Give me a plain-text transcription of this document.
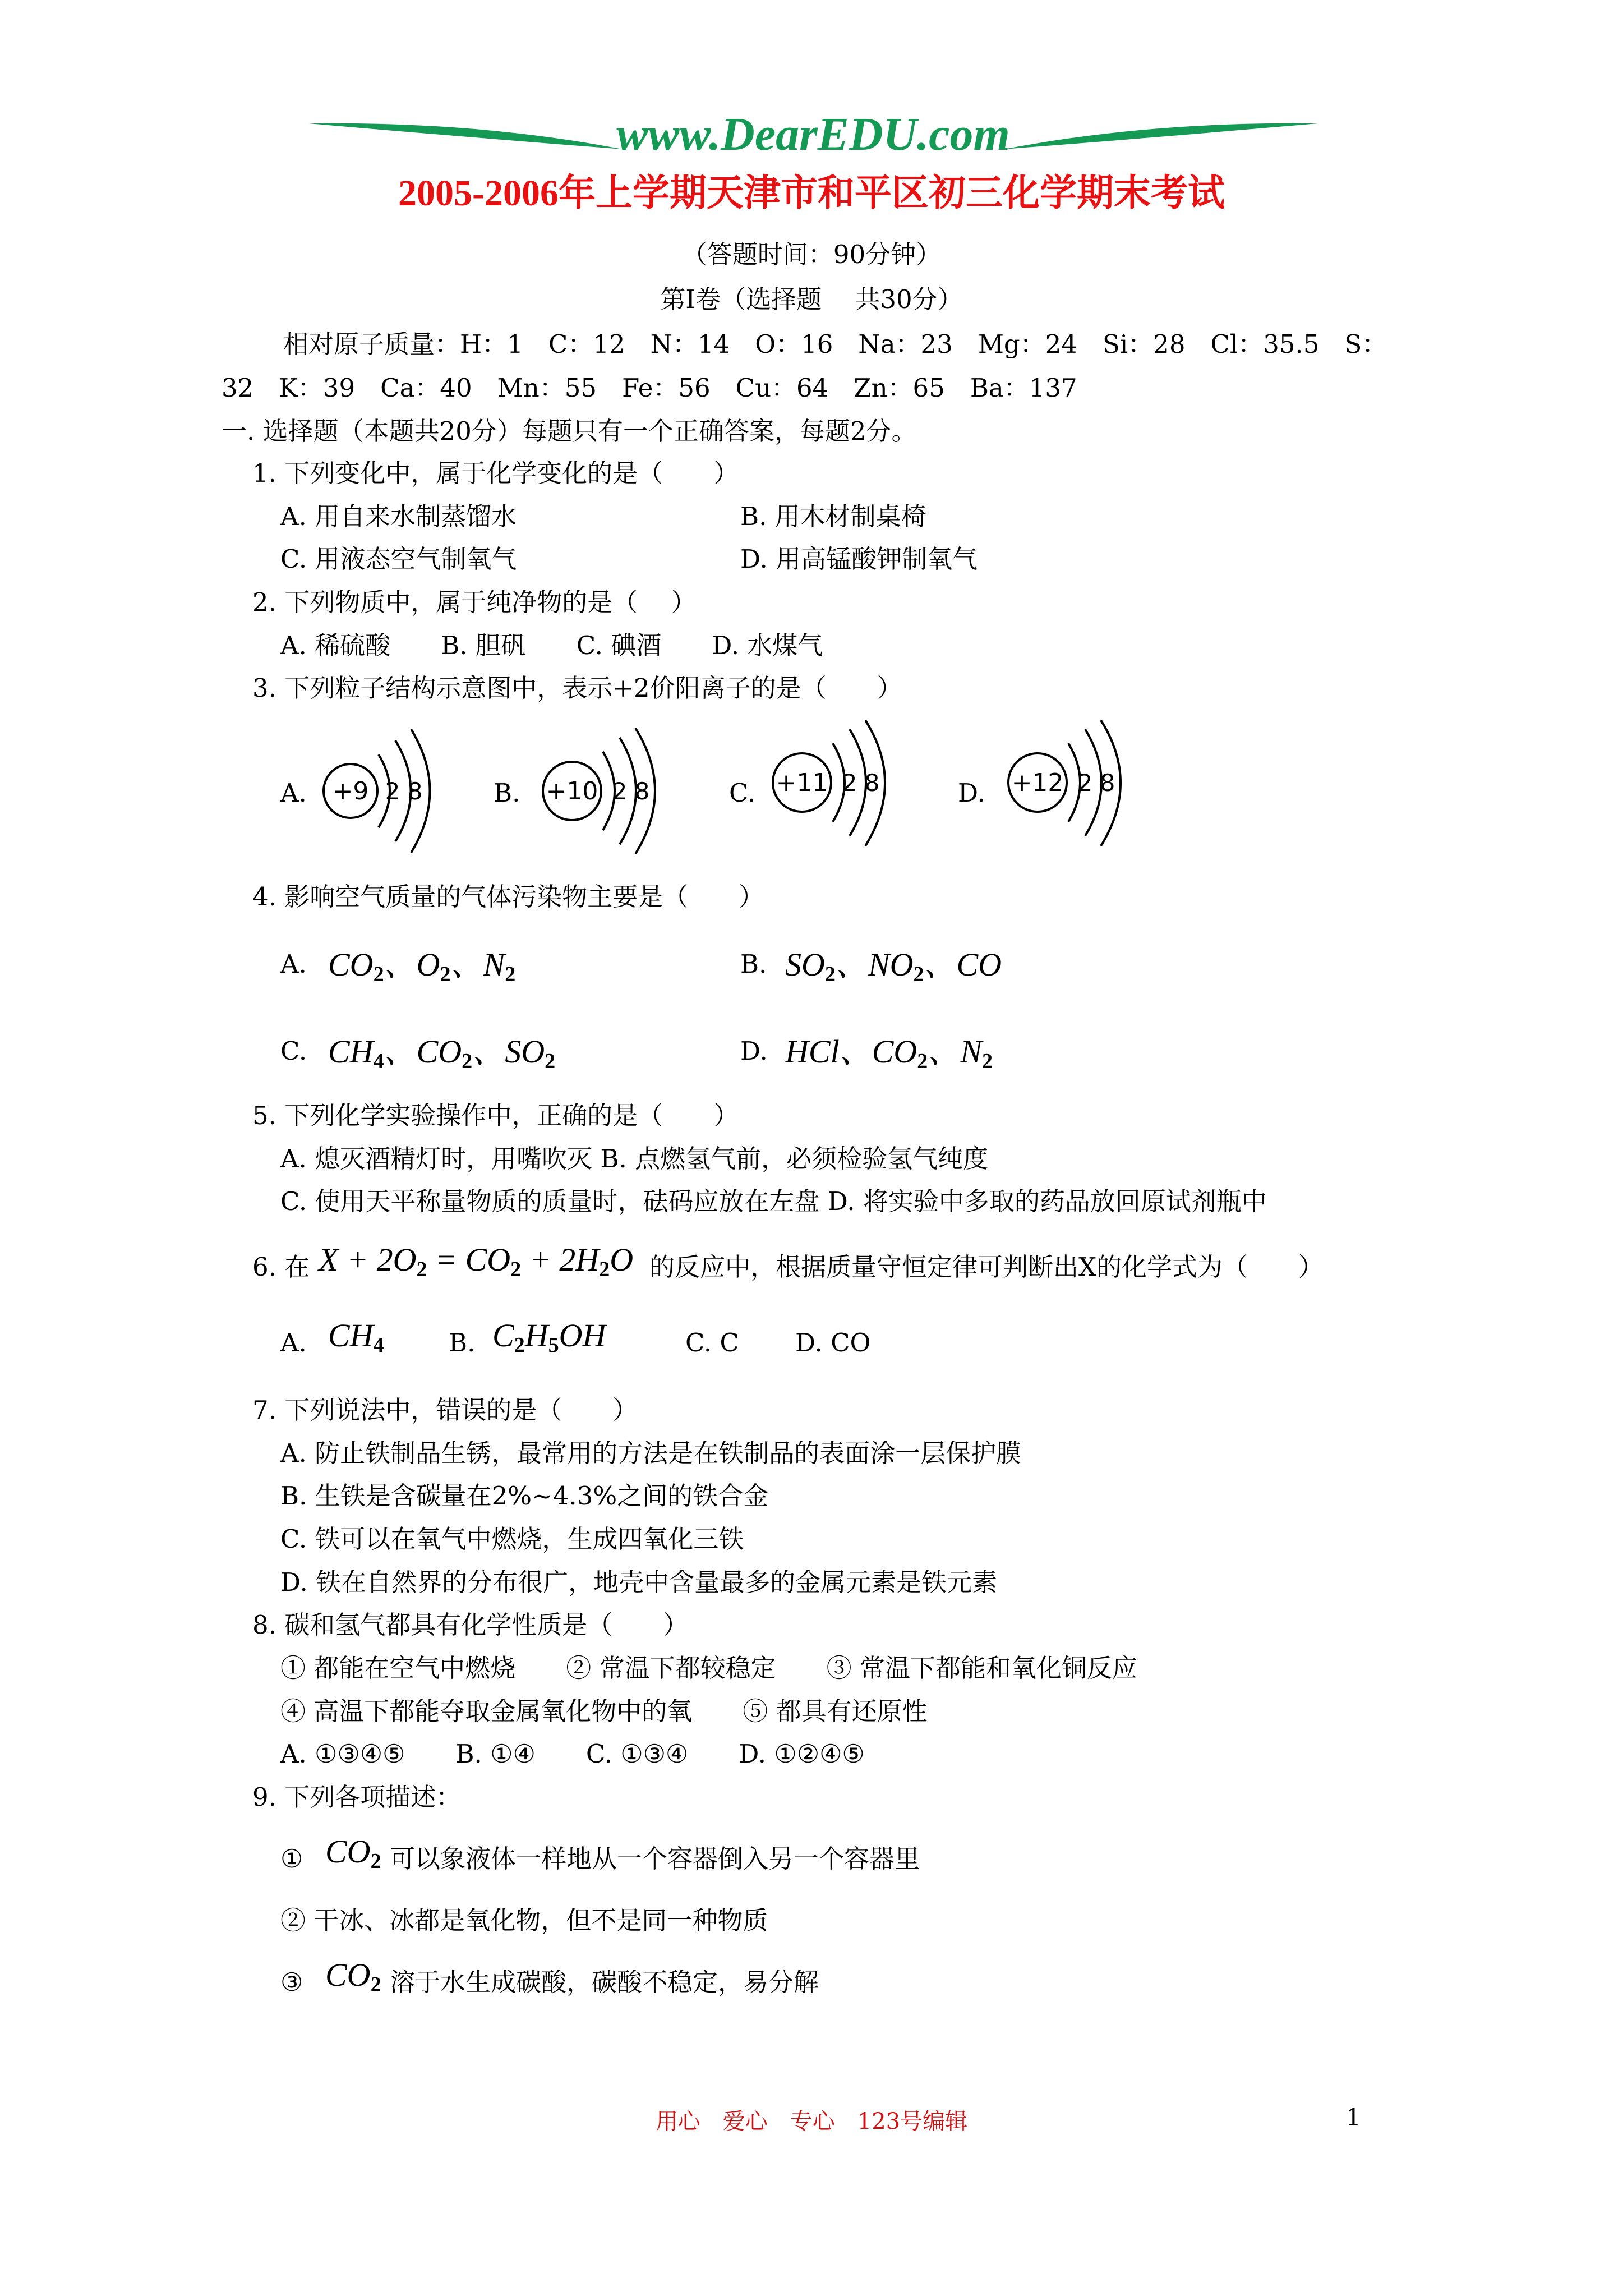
www.DearEDU.com
2005-2006年上学期天津市和平区初三化学期末考试
（答题时间：90分钟）
第I卷（选择题　 共30分）
相对原子质量：H：1　C：12　N：14　O：16　Na：23　Mg：24　Si：28　Cl：35.5　S：
32　K：39　Ca：40　Mn：55　Fe：56　Cu：64　Zn：65　Ba：137
一. 选择题（本题共20分）每题只有一个正确答案，每题2分。
1. 下列变化中，属于化学变化的是（　　）
A. 用自来水制蒸馏水	B. 用木材制桌椅
C. 用液态空气制氧气	D. 用高锰酸钾制氧气
2. 下列物质中，属于纯净物的是（　 ）
A. 稀硫酸　　B. 胆矾　　C. 碘酒　　D. 水煤气
3. 下列粒子结构示意图中，表示+2价阳离子的是（　　）
A.	B.	C.	D.
+9 2 8	+10 2 8	+11 2 8	+12 2 8
4. 影响空气质量的气体污染物主要是（　　）
A. $CO_2$、$O_2$、$N_2$	B. $SO_2$、$NO_2$、CO
C. $CH_4$、$CO_2$、$SO_2$	D. HCl、$CO_2$、$N_2$
5. 下列化学实验操作中，正确的是（　　）
A. 熄灭酒精灯时，用嘴吹灭 B. 点燃氢气前，必须检验氢气纯度
C. 使用天平称量物质的质量时，砝码应放在左盘 D. 将实验中多取的药品放回原试剂瓶中
6. 在 $X + 2O_2 = CO_2 + 2H_2O$ 的反应中，根据质量守恒定律可判断出X的化学式为（　　）
A. $CH_4$	B. $C_2H_5OH$	C. C D. CO
7. 下列说法中，错误的是（　　）
A. 防止铁制品生锈，最常用的方法是在铁制品的表面涂一层保护膜
B. 生铁是含碳量在2%~4.3%之间的铁合金
C. 铁可以在氧气中燃烧，生成四氧化三铁
D. 铁在自然界的分布很广，地壳中含量最多的金属元素是铁元素
8. 碳和氢气都具有化学性质是（　　）
① 都能在空气中燃烧　　② 常温下都较稳定　　③ 常温下都能和氧化铜反应
④ 高温下都能夺取金属氧化物中的氧　　⑤ 都具有还原性
A. ①③④⑤　　B. ①④　　C. ①③④　　D. ①②④⑤
9. 下列各项描述：
① $CO_2$ 可以象液体一样地从一个容器倒入另一个容器里
② 干冰、冰都是氧化物，但不是同一种物质
③ $CO_2$ 溶于水生成碳酸，碳酸不稳定，易分解
用心　爱心　专心　123号编辑	1
